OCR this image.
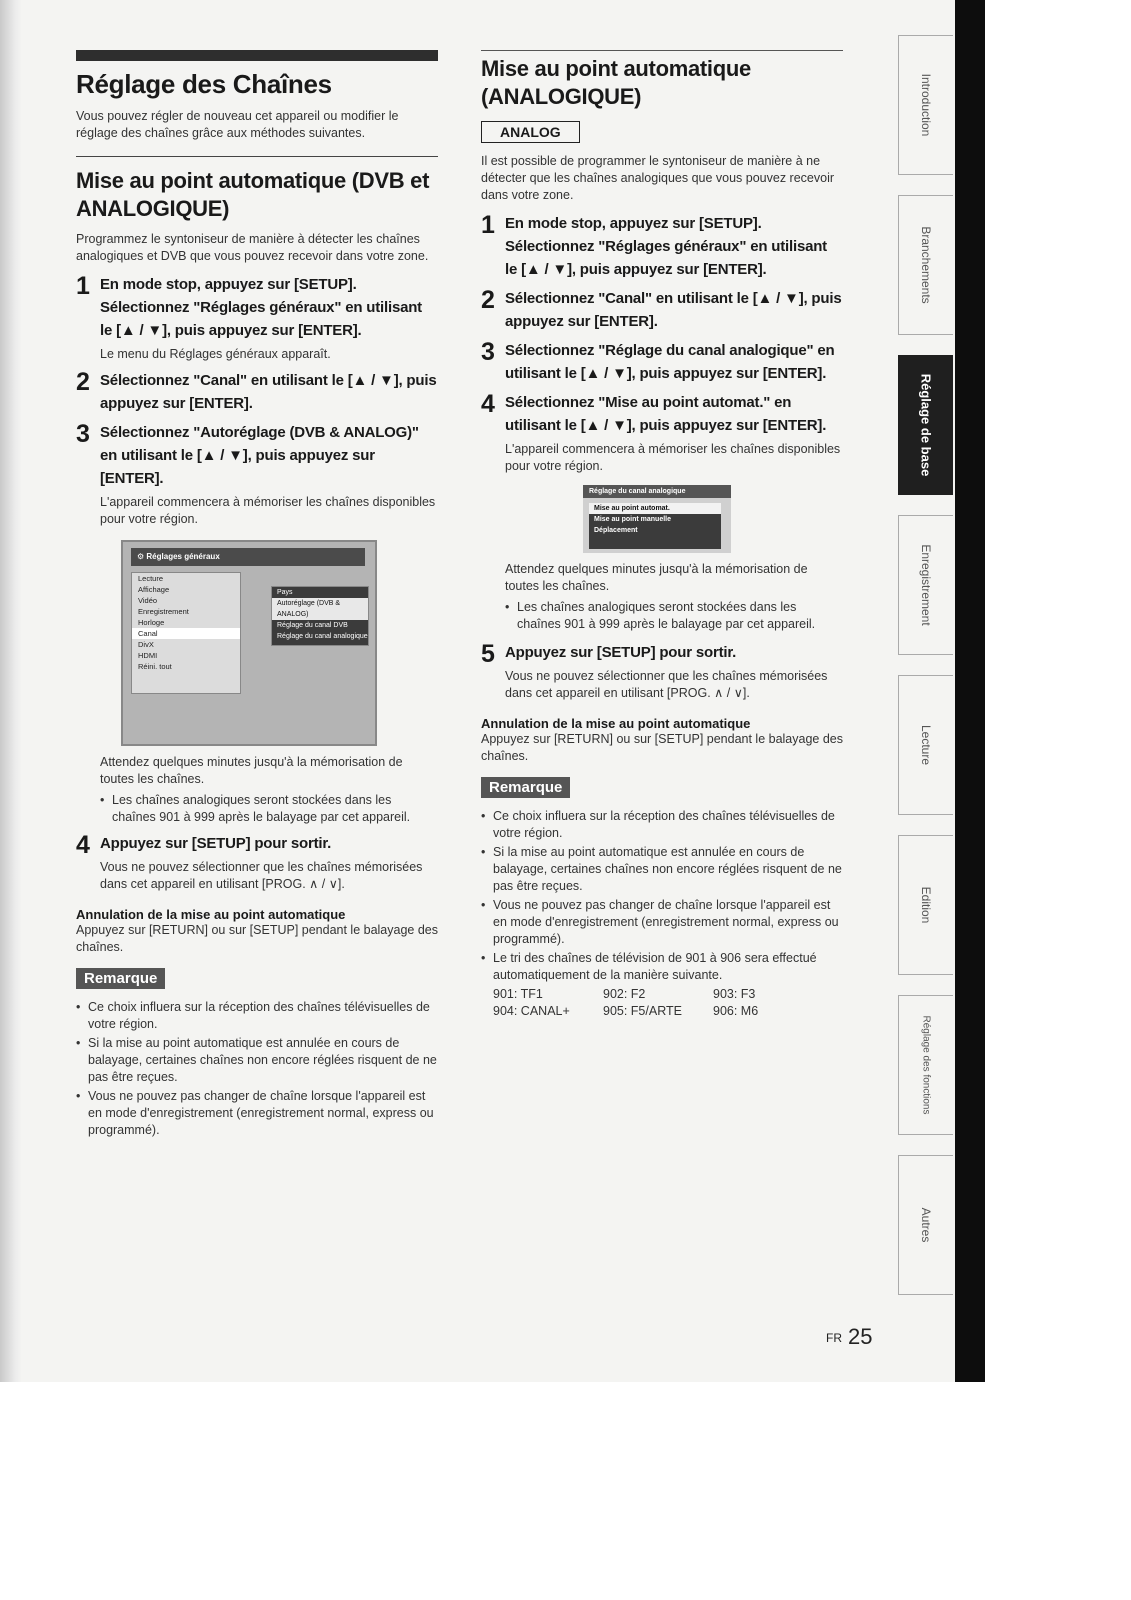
Réglage des Chaînes

Vous pouvez régler de nouveau cet appareil ou modifier le réglage des chaînes grâce aux méthodes suivantes.

Mise au point automatique (DVB et ANALOGIQUE)

Programmez le syntoniseur de manière à détecter les chaînes analogiques et DVB que vous pouvez recevoir dans votre zone.

1 En mode stop, appuyez sur [SETUP]. Sélectionnez "Réglages généraux" en utilisant le [▲ / ▼], puis appuyez sur [ENTER].

Le menu du Réglages généraux apparaît.

2 Sélectionnez "Canal" en utilisant le [▲ / ▼], puis appuyez sur [ENTER].

3 Sélectionnez "Autoréglage (DVB & ANALOG)" en utilisant le [▲ / ▼], puis appuyez sur [ENTER].

L'appareil commencera à mémoriser les chaînes disponibles pour votre région.

⚙ Réglages généraux
Lecture
Affichage
Vidéo
Enregistrement
Horloge
Canal
DivX
HDMI
Réini. tout
Pays
Autoréglage (DVB & ANALOG)
Réglage du canal DVB
Réglage du canal analogique

Attendez quelques minutes jusqu'à la mémorisation de toutes les chaînes.

• Les chaînes analogiques seront stockées dans les chaînes 901 à 999 après le balayage par cet appareil.
4 Appuyez sur [SETUP] pour sortir.

Vous ne pouvez sélectionner que les chaînes mémorisées dans cet appareil en utilisant [PROG. ∧ / ∨].

Annulation de la mise au point automatique

Appuyez sur [RETURN] ou sur [SETUP] pendant le balayage des chaînes.

Remarque
• Ce choix influera sur la réception des chaînes télévisuelles de votre région.
• Si la mise au point automatique est annulée en cours de balayage, certaines chaînes non encore réglées risquent de ne pas être reçues.
• Vous ne pouvez pas changer de chaîne lorsque l'appareil est en mode d'enregistrement (enregistrement normal, express ou programmé).
Mise au point automatique (ANALOGIQUE)
ANALOG

Il est possible de programmer le syntoniseur de manière à ne détecter que les chaînes analogiques que vous pouvez recevoir dans votre zone.

1 En mode stop, appuyez sur [SETUP]. Sélectionnez "Réglages généraux" en utilisant le [▲ / ▼], puis appuyez sur [ENTER].

2 Sélectionnez "Canal" en utilisant le [▲ / ▼], puis appuyez sur [ENTER].

3 Sélectionnez "Réglage du canal analogique" en utilisant le [▲ / ▼], puis appuyez sur [ENTER].

4 Sélectionnez "Mise au point automat." en utilisant le [▲ / ▼], puis appuyez sur [ENTER].

L'appareil commencera à mémoriser les chaînes disponibles pour votre région.

Réglage du canal analogique
Mise au point automat.
Mise au point manuelle
Déplacement

Attendez quelques minutes jusqu'à la mémorisation de toutes les chaînes.

• Les chaînes analogiques seront stockées dans les chaînes 901 à 999 après le balayage par cet appareil.
5 Appuyez sur [SETUP] pour sortir.

Vous ne pouvez sélectionner que les chaînes mémorisées dans cet appareil en utilisant [PROG. ∧ / ∨].

Annulation de la mise au point automatique

Appuyez sur [RETURN] ou sur [SETUP] pendant le balayage des chaînes.

Remarque
• Ce choix influera sur la réception des chaînes télévisuelles de votre région.
• Si la mise au point automatique est annulée en cours de balayage, certaines chaînes non encore réglées risquent de ne pas être reçues.
• Vous ne pouvez pas changer de chaîne lorsque l'appareil est en mode d'enregistrement (enregistrement normal, express ou programmé).
• Le tri des chaînes de télévision de 901 à 906 sera effectué automatiquement de la manière suivante.
901: TF1	902: F2	903: F3
904: CANAL+	905: F5/ARTE	906: M6
Introduction
Branchements
Réglage de base
Enregistrement
Lecture
Edition
Réglage des fonctions
Autres
FR 25
